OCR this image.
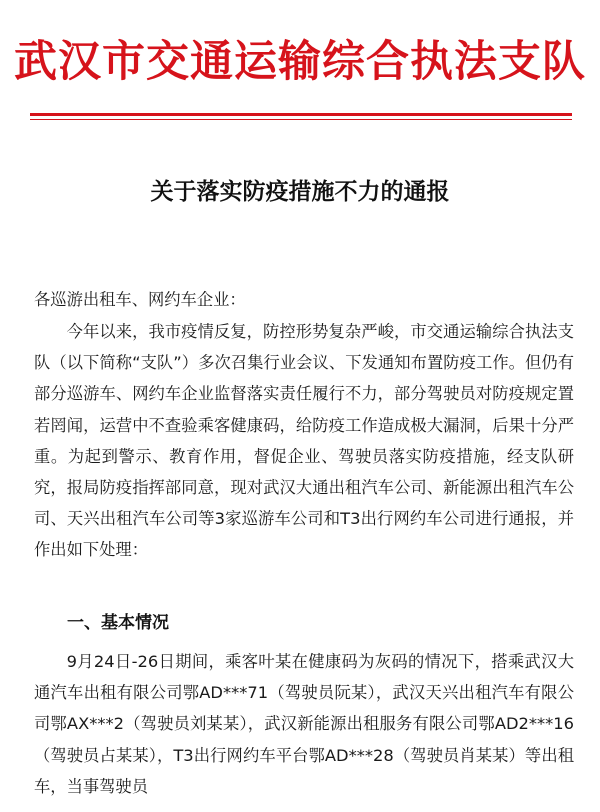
武汉市交通运输综合执法支队
关于落实防疫措施不力的通报
各巡游出租车、网约车企业：
今年以来，我市疫情反复，防控形势复杂严峻，市交通运输综合执法支队（以下简称“支队”）多次召集行业会议、下发通知布置防疫工作。但仍有部分巡游车、网约车企业监督落实责任履行不力，部分驾驶员对防疫规定置若罔闻，运营中不查验乘客健康码，给防疫工作造成极大漏洞，后果十分严重。为起到警示、教育作用，督促企业、驾驶员落实防疫措施，经支队研究，报局防疫指挥部同意，现对武汉大通出租汽车公司、新能源出租汽车公司、天兴出租汽车公司等3家巡游车公司和T3出行网约车公司进行通报，并作出如下处理：
一、基本情况
9月24日-26日期间，乘客叶某在健康码为灰码的情况下，搭乘武汉大通汽车出租有限公司鄂AD***71（驾驶员阮某），武汉天兴出租汽车有限公司鄂AX***2（驾驶员刘某某），武汉新能源出租服务有限公司鄂AD2***16（驾驶员占某某），T3出行网约车平台鄂AD***28（驾驶员肖某某）等出租车，当事驾驶员
